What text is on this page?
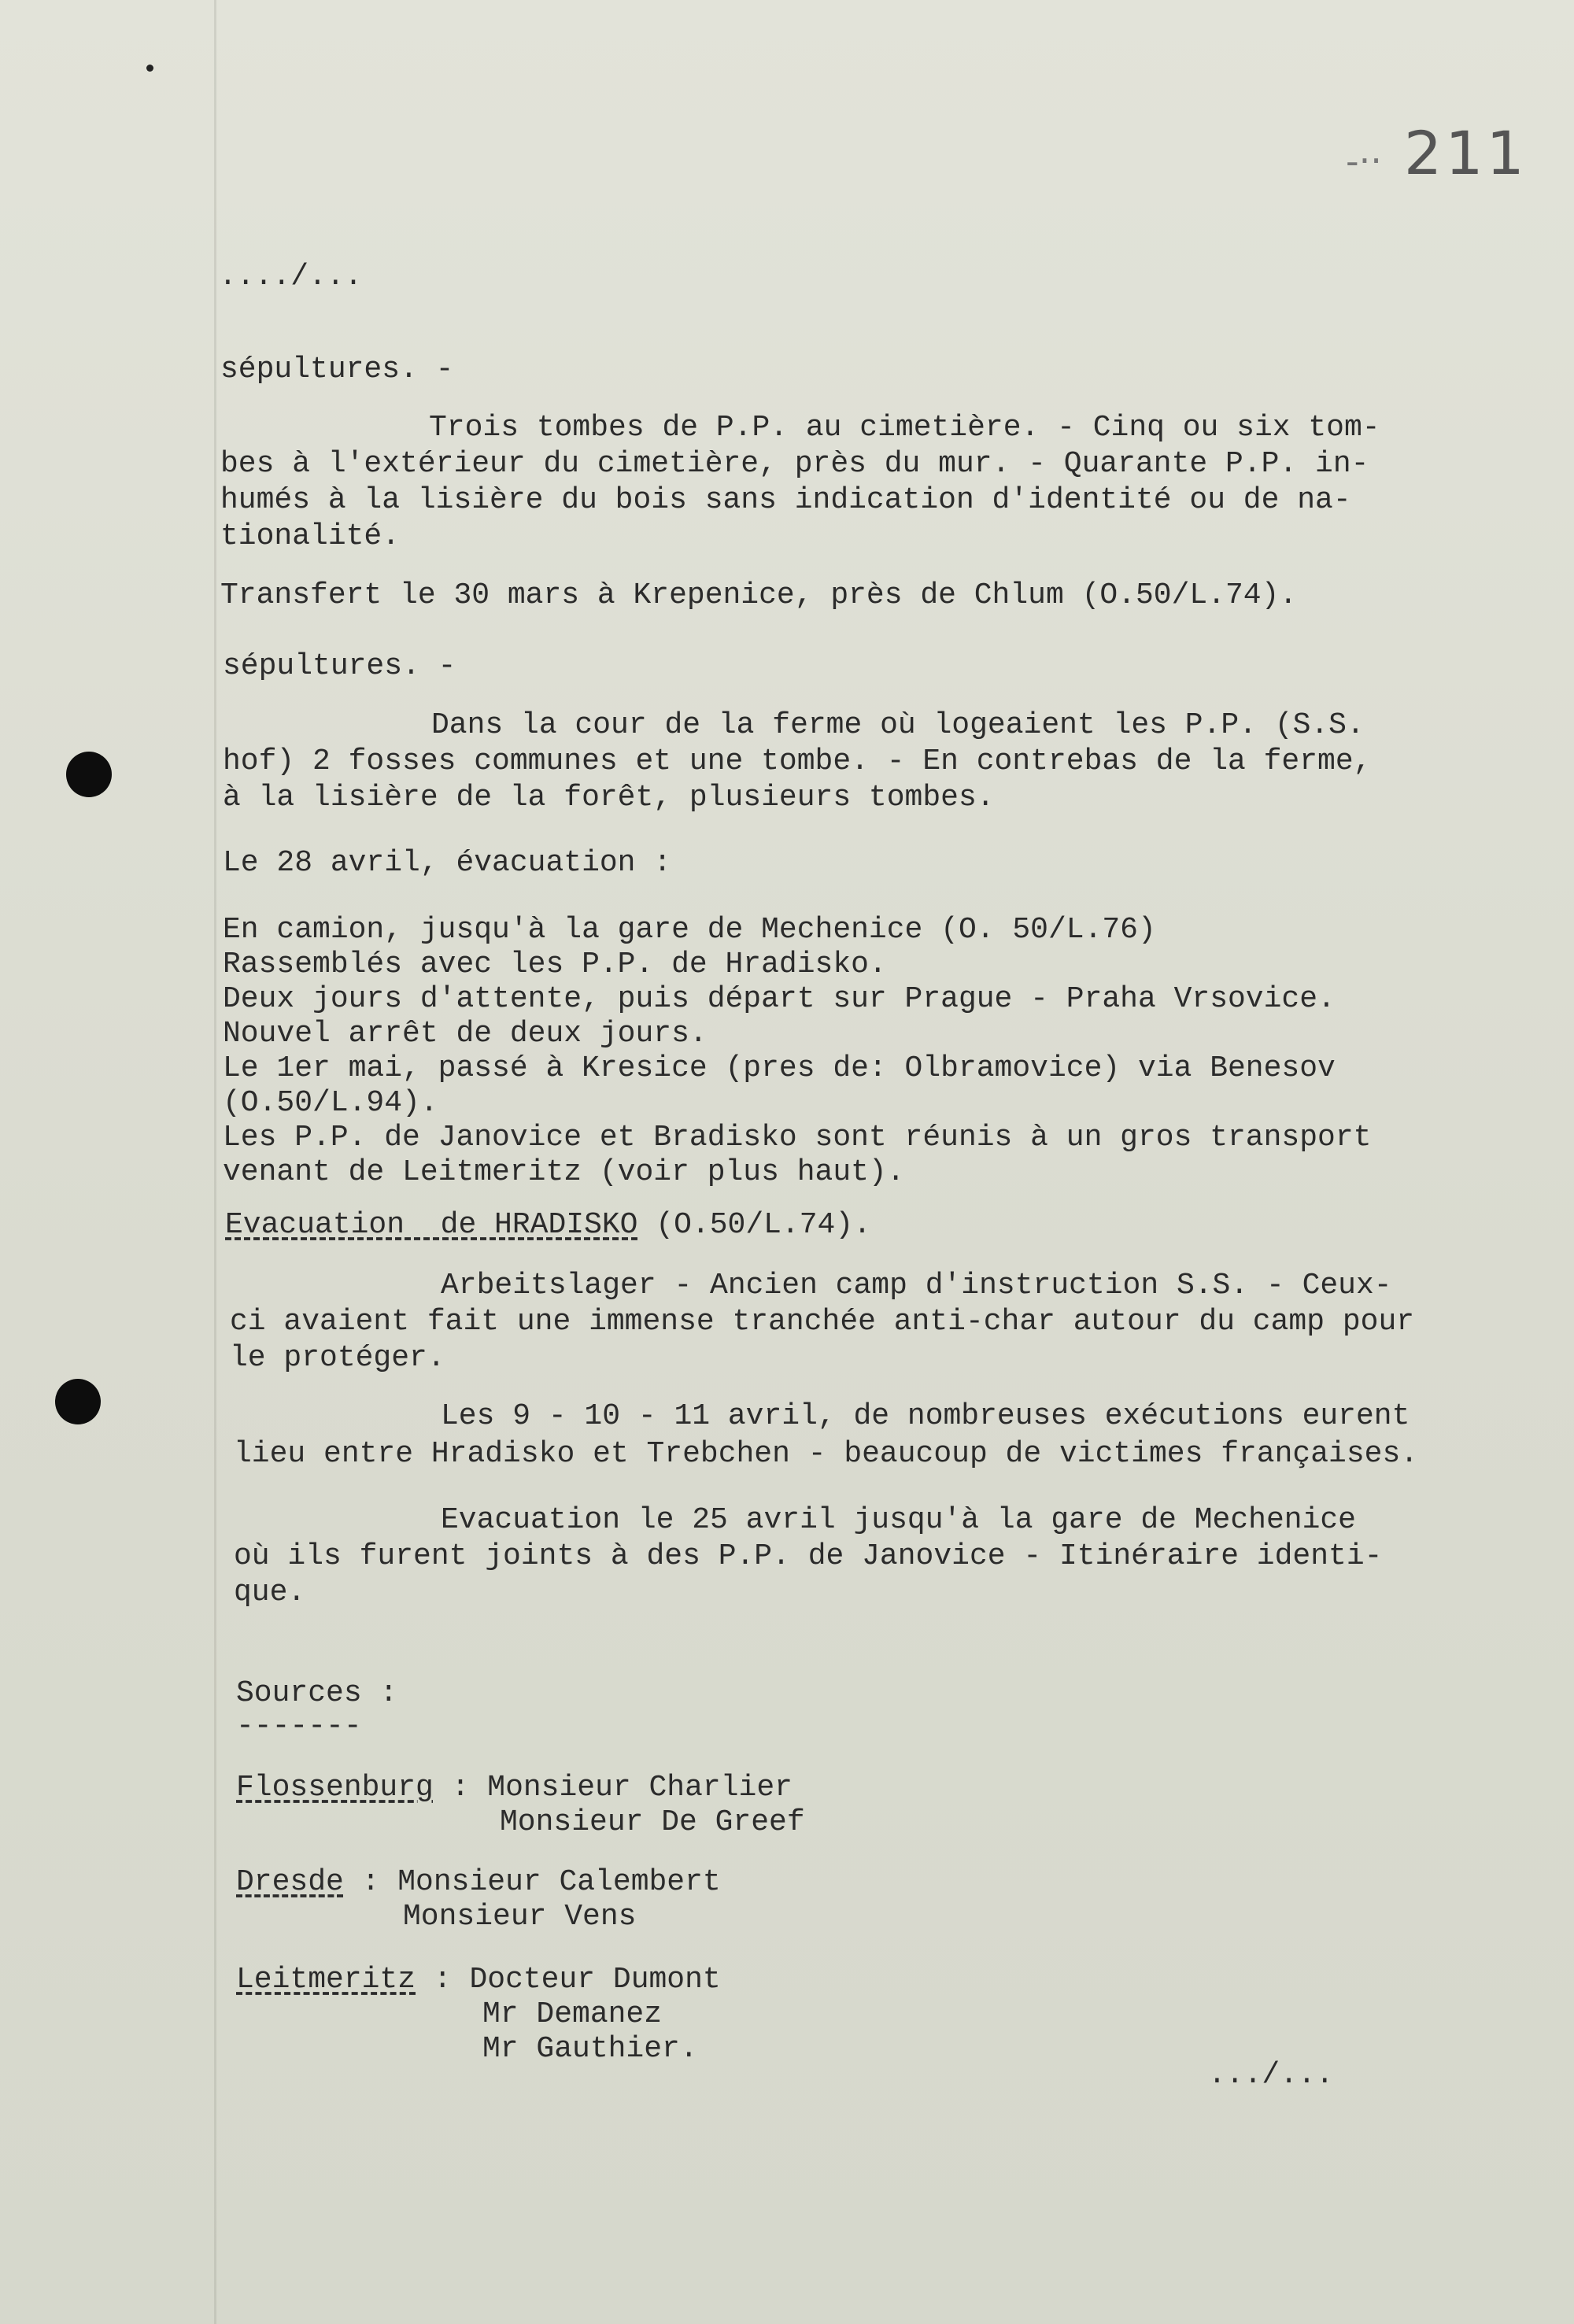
-‧‧ 211
..../...
sépultures. -
Trois tombes de P.P. au cimetière. - Cinq ou six tom-
bes à l'extérieur du cimetière, près du mur. - Quarante P.P. in-
humés à la lisière du bois sans indication d'identité ou de na-
tionalité.
Transfert le 30 mars à Krepenice, près de Chlum (O.50/L.74).
sépultures. -
Dans la cour de la ferme où logeaient les P.P. (S.S.
hof) 2 fosses communes et une tombe. - En contrebas de la ferme,
à la lisière de la forêt, plusieurs tombes.
Le 28 avril, évacuation :
En camion, jusqu'à la gare de Mechenice (O. 50/L.76)
Rassemblés avec les P.P. de Hradisko.
Deux jours d'attente, puis départ sur Prague - Praha Vrsovice.
Nouvel arrêt de deux jours.
Le 1er mai, passé à Kresice (pres de: Olbramovice) via Benesov
(O.50/L.94).
Les P.P. de Janovice et Bradisko sont réunis à un gros transport
venant de Leitmeritz (voir plus haut).
Evacuation  de HRADISKO (O.50/L.74).
Arbeitslager - Ancien camp d'instruction S.S. - Ceux-
ci avaient fait une immense tranchée anti-char autour du camp pour
le protéger.
Les 9 - 10 - 11 avril, de nombreuses exécutions eurent
lieu entre Hradisko et Trebchen - beaucoup de victimes françaises.
Evacuation le 25 avril jusqu'à la gare de Mechenice
où ils furent joints à des P.P. de Janovice - Itinéraire identi-
que.
Sources :
-------
Flossenburg : Monsieur Charlier
Monsieur De Greef
Dresde : Monsieur Calembert
Monsieur Vens
Leitmeritz : Docteur Dumont
Mr Demanez
Mr Gauthier.
.../...
